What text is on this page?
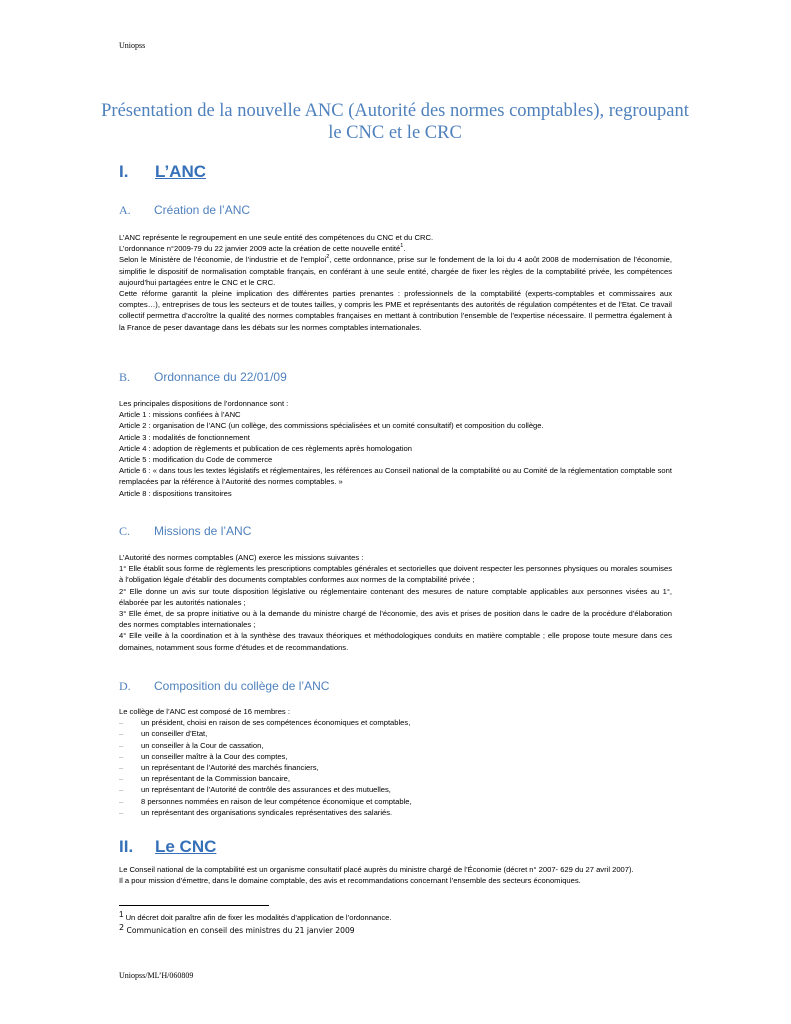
Uniopss
Présentation de la nouvelle ANC (Autorité des normes comptables), regroupant le CNC et le CRC
I. L’ANC
A. Création de l’ANC

L’ANC représente le regroupement en une seule entité des compétences du CNC et du CRC.

L’ordonnance n°2009-79 du 22 janvier 2009 acte la création de cette nouvelle entité$^1$.

Selon le Ministère de l’économie, de l’industrie et de l’emploi$^2$, cette ordonnance, prise sur le fondement de la loi du 4 août 2008 de modernisation de l’économie, simplifie le dispositif de normalisation comptable français, en conférant à une seule entité, chargée de fixer les règles de la comptabilité privée, les compétences aujourd’hui partagées entre le CNC et le CRC.

Cette réforme garantit la pleine implication des différentes parties prenantes : professionnels de la comptabilité (experts-comptables et commissaires aux comptes…), entreprises de tous les secteurs et de toutes tailles, y compris les PME et représentants des autorités de régulation compétentes et de l’Etat. Ce travail collectif permettra d’accroître la qualité des normes comptables françaises en mettant à contribution l’ensemble de l’expertise nécessaire. Il permettra également à la France de peser davantage dans les débats sur les normes comptables internationales.

B. Ordonnance du 22/01/09

Les principales dispositions de l’ordonnance sont :

Article 1 : missions confiées à l’ANC

Article 2 : organisation de l’ANC (un collège, des commissions spécialisées et un comité consultatif) et composition du collège.

Article 3 : modalités de fonctionnement

Article 4 : adoption de règlements et publication de ces règlements après homologation

Article 5 : modification du Code de commerce

Article 6 : « dans tous les textes législatifs et réglementaires, les références au Conseil national de la comptabilité ou au Comité de la réglementation comptable sont remplacées par la référence à l’Autorité des normes comptables. »

Article 8 : dispositions transitoires

C. Missions de l’ANC

L’Autorité des normes comptables (ANC) exerce les missions suivantes :

1° Elle établit sous forme de règlements les prescriptions comptables générales et sectorielles que doivent respecter les personnes physiques ou morales soumises à l’obligation légale d’établir des documents comptables conformes aux normes de la comptabilité privée ;

2° Elle donne un avis sur toute disposition législative ou réglementaire contenant des mesures de nature comptable applicables aux personnes visées au 1°, élaborée par les autorités nationales ;

3° Elle émet, de sa propre initiative ou à la demande du ministre chargé de l’économie, des avis et prises de position dans le cadre de la procédure d’élaboration des normes comptables internationales ;

4° Elle veille à la coordination et à la synthèse des travaux théoriques et méthodologiques conduits en matière comptable ; elle propose toute mesure dans ces domaines, notamment sous forme d’études et de recommandations.

D. Composition du collège de l’ANC

Le collège de l’ANC est composé de 16 membres :

– un président, choisi en raison de ses compétences économiques et comptables,
– un conseiller d’Etat,
– un conseiller à la Cour de cassation,
– un conseiller maître à la Cour des comptes,
– un représentant de l’Autorité des marchés financiers,
– un représentant de la Commission bancaire,
– un représentant de l’Autorité de contrôle des assurances et des mutuelles,
– 8 personnes nommées en raison de leur compétence économique et comptable,
– un représentant des organisations syndicales représentatives des salariés.
II. Le CNC

Le Conseil national de la comptabilité est un organisme consultatif placé auprès du ministre chargé de l’Économie (décret n° 2007- 629 du 27 avril 2007).

Il a pour mission d’émettre, dans le domaine comptable, des avis et recommandations concernant l’ensemble des secteurs économiques.

1 Un décret doit paraître afin de fixer les modalités d’application de l’ordonnance.
2 Communication en conseil des ministres du 21 janvier 2009
Uniopss/ML’H/060809
